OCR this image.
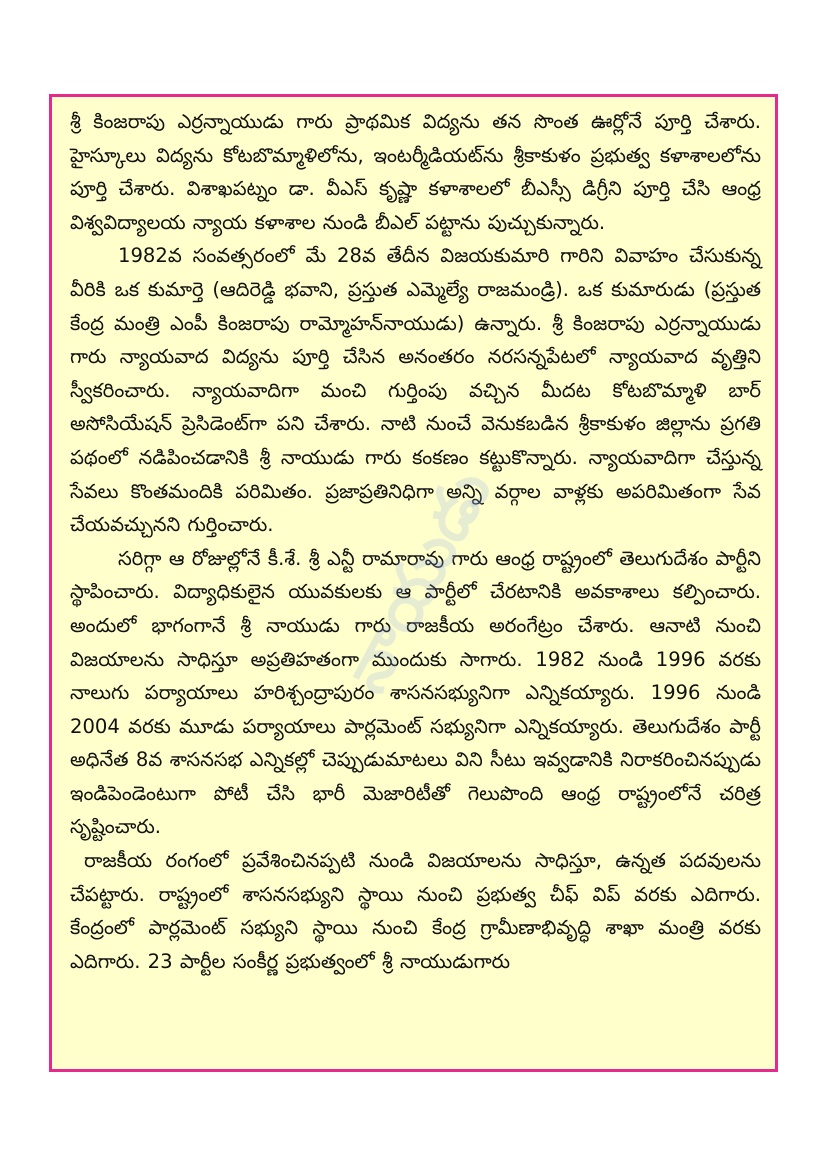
నాయుడు

శ్రీ కింజరాపు ఎర్రన్నాయుడు గారు ప్రాథమిక విద్యను తన సొంత ఊర్లోనే పూర్తి చేశారు. హైస్కూలు విద్యను కోటబొమ్మాళిలోను, ఇంటర్మీడియట్‌ను శ్రీకాకుళం ప్రభుత్వ కళాశాలలోను పూర్తి చేశారు. విశాఖపట్నం డా. వీఎస్ కృష్ణా కళాశాలలో బీఎస్సీ డిగ్రీని పూర్తి చేసి ఆంధ్ర విశ్వవిద్యాలయ న్యాయ కళాశాల నుండి బీఎల్ పట్టాను పుచ్చుకున్నారు.

1982వ సంవత్సరంలో మే 28వ తేదీన విజయకుమారి గారిని వివాహం చేసుకున్న వీరికి ఒక కుమార్తె (ఆదిరెడ్డి భవాని, ప్రస్తుత ఎమ్మెల్యే రాజమండ్రి). ఒక కుమారుడు (ప్రస్తుత కేంద్ర మంత్రి ఎంపీ కింజరాపు రామ్మోహన్‌నాయుడు) ఉన్నారు. శ్రీ కింజరాపు ఎర్రన్నాయుడు గారు న్యాయవాద విద్యను పూర్తి చేసిన అనంతరం నరసన్నపేటలో న్యాయవాద వృత్తిని స్వీకరించారు. న్యాయవాదిగా మంచి గుర్తింపు వచ్చిన మీదట కోటబొమ్మాళి బార్ అసోసియేషన్ ప్రెసిడెంట్‌గా పని చేశారు. నాటి నుంచే వెనుకబడిన శ్రీకాకుళం జిల్లాను ప్రగతి పథంలో నడిపించడానికి శ్రీ నాయుడు గారు కంకణం కట్టుకొన్నారు. న్యాయవాదిగా చేస్తున్న సేవలు కొంతమందికి పరిమితం. ప్రజాప్రతినిధిగా అన్ని వర్గాల వాళ్లకు అపరిమితంగా సేవ చేయవచ్చునని గుర్తించారు.

సరిగ్గా ఆ రోజుల్లోనే కీ.శే. శ్రీ ఎన్టీ రామారావు గారు ఆంధ్ర రాష్ట్రంలో తెలుగుదేశం పార్టీని స్థాపించారు. విద్యాధికులైన యువకులకు ఆ పార్టీలో చేరటానికి అవకాశాలు కల్పించారు. అందులో భాగంగానే శ్రీ నాయుడు గారు రాజకీయ అరంగేట్రం చేశారు. ఆనాటి నుంచి విజయాలను సాధిస్తూ అప్రతిహతంగా ముందుకు సాగారు. 1982 నుండి 1996 వరకు నాలుగు పర్యాయాలు హరిశ్చంద్రాపురం శాసనసభ్యునిగా ఎన్నికయ్యారు. 1996 నుండి 2004 వరకు మూడు పర్యాయాలు పార్లమెంట్ సభ్యునిగా ఎన్నికయ్యారు. తెలుగుదేశం పార్టీ అధినేత 8వ శాసనసభ ఎన్నికల్లో చెప్పుడుమాటలు విని సీటు ఇవ్వడానికి నిరాకరించినప్పుడు ఇండిపెండెంటుగా పోటీ చేసి భారీ మెజారిటీతో గెలుపొంది ఆంధ్ర రాష్ట్రంలోనే చరిత్ర సృష్టించారు.

రాజకీయ రంగంలో ప్రవేశించినప్పటి నుండి విజయాలను సాధిస్తూ, ఉన్నత పదవులను చేపట్టారు. రాష్ట్రంలో శాసనసభ్యుని స్థాయి నుంచి ప్రభుత్వ చీఫ్ విప్ వరకు ఎదిగారు. కేంద్రంలో పార్లమెంట్ సభ్యుని స్థాయి నుంచి కేంద్ర గ్రామీణాభివృద్ధి శాఖా మంత్రి వరకు ఎదిగారు. 23 పార్టీల సంకీర్ణ ప్రభుత్వంలో శ్రీ నాయుడుగారు
